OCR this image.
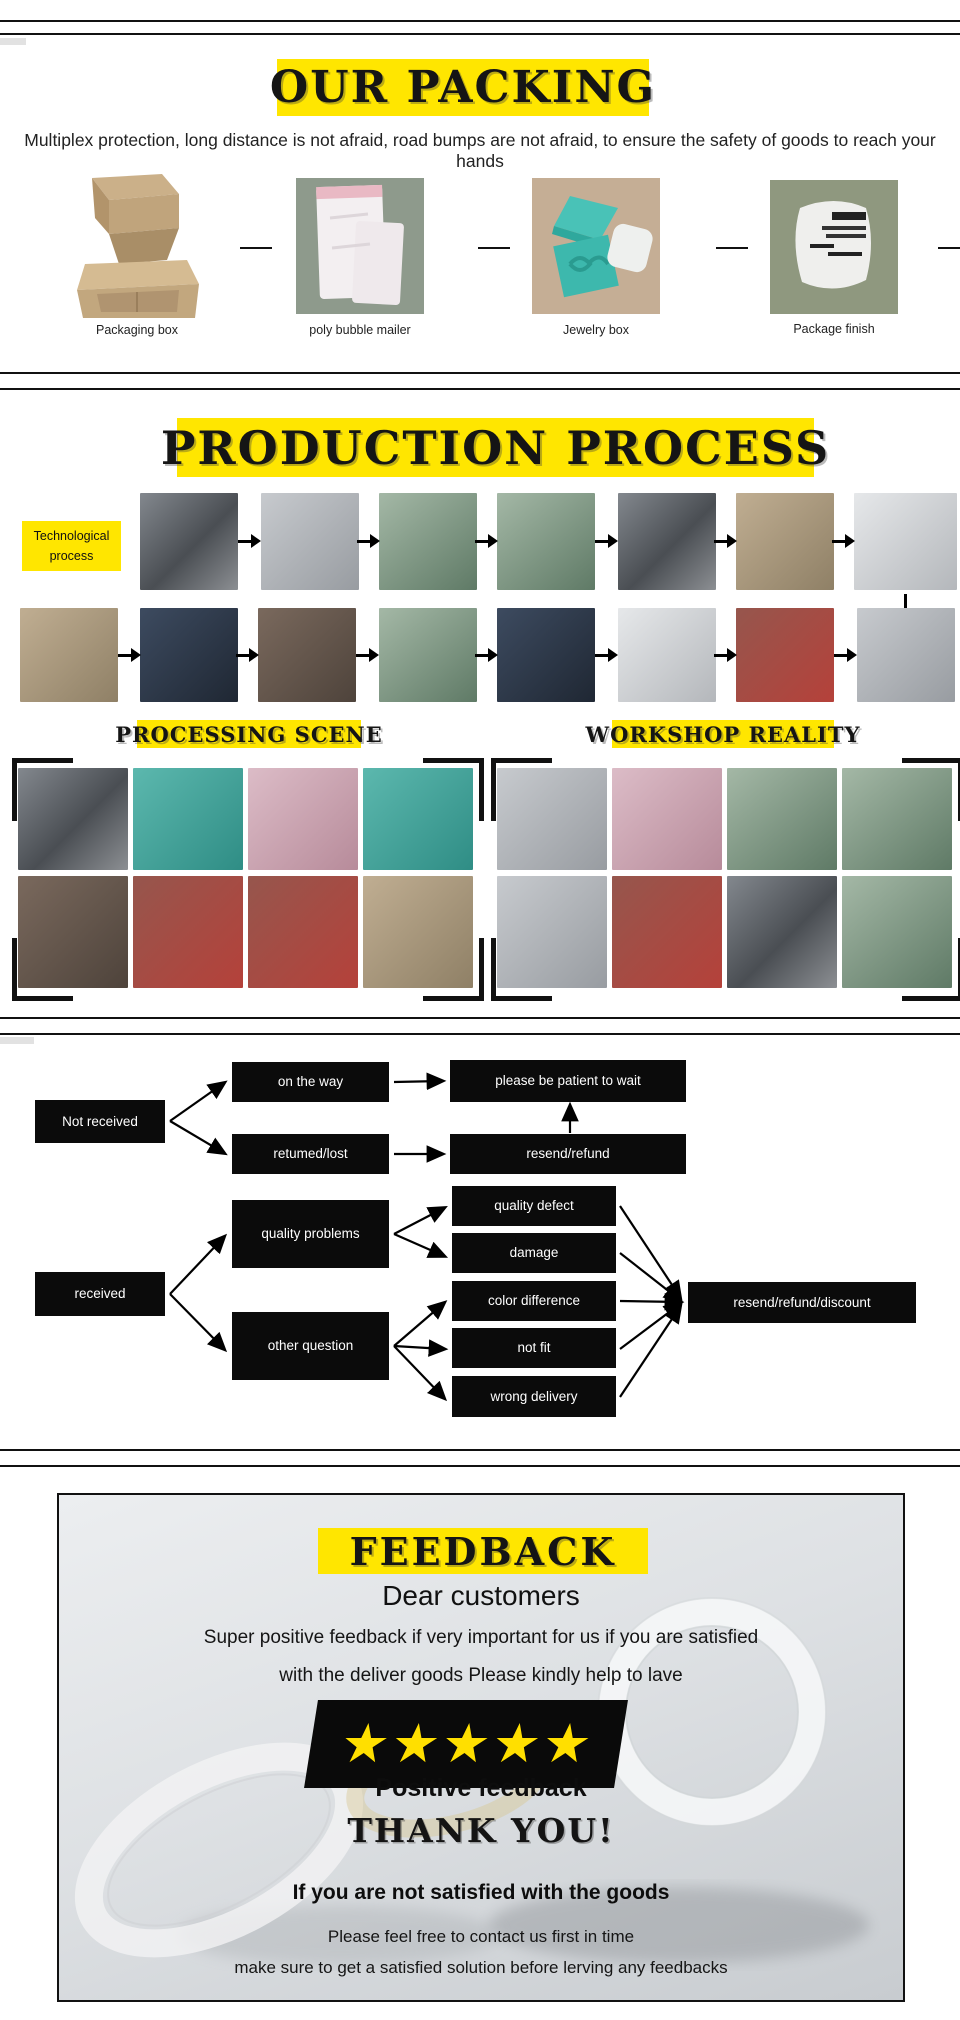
OUR PACKING
Multiplex protection, long distance is not afraid, road bumps are not afraid, to ensure the safety of goods to reach your hands
Packaging box	poly bubble mailer	Jewelry box	Package finish
PRODUCTION PROCESS
Technological
process
PROCESSING SCENE	WORKSHOP REALITY
Not received
on the way	please be patient to wait
retumed/lost	resend/refund
quality problems
received
other question
quality defect
damage
color difference
not fit
wrong delivery
resend/refund/discount
FEEDBACK
Dear customers
Super positive feedback if very important for us if you are satisfied
with the deliver goods Please kindly help to lave
★
★
★
★
★
Positive feedback
THANK YOU!
If you are not satisfied with the goods
Please feel free to contact us first in time
make sure to get a satisfied solution before lerving any feedbacks
